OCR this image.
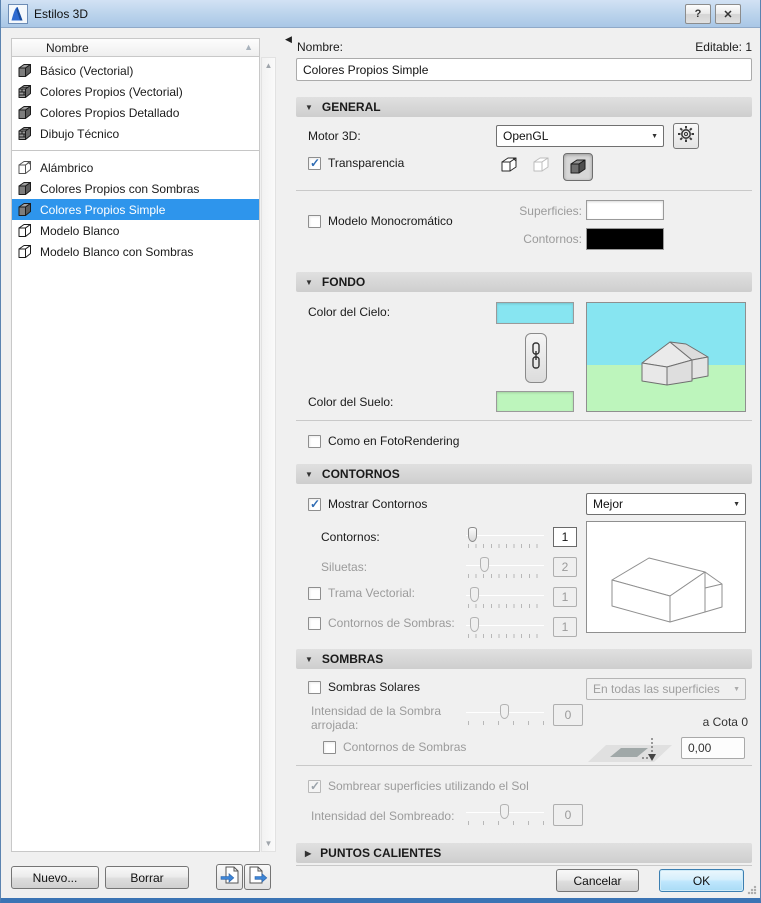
Estilos 3D	? ✕
Nombre	▲
Básico (Vectorial)
Colores Propios (Vectorial)
Colores Propios Detallado
Dibujo Técnico
Alámbrico
Colores Propios con Sombras
Colores Propios Simple
Modelo Blanco
Modelo Blanco con Sombras
▲
▼
◀
Nuevo...	Borrar
Nombre:	Editable: 1
Colores Propios Simple
▼ GENERAL
Motor 3D:	OpenGL	▼
✓
Transparencia
Superficies:
Modelo Monocromático
Contornos:
▼ FONDO
Color del Cielo:
Color del Suelo:
Como en FotoRendering
▼ CONTORNOS
✓
Mostrar Contornos	Mejor	▼
Contornos:	1
Siluetas:	2
Trama Vectorial:	1
Contornos de Sombras:	1
▼ SOMBRAS
Sombras Solares	En todas las superficies ▼
Intensidad de la Sombra arrojada:
0	a Cota 0
Contornos de Sombras	0,00
✓
Sombrear superficies utilizando el Sol
Intensidad del Sombreado:	0
▶ PUNTOS CALIENTES
Cancelar	OK
